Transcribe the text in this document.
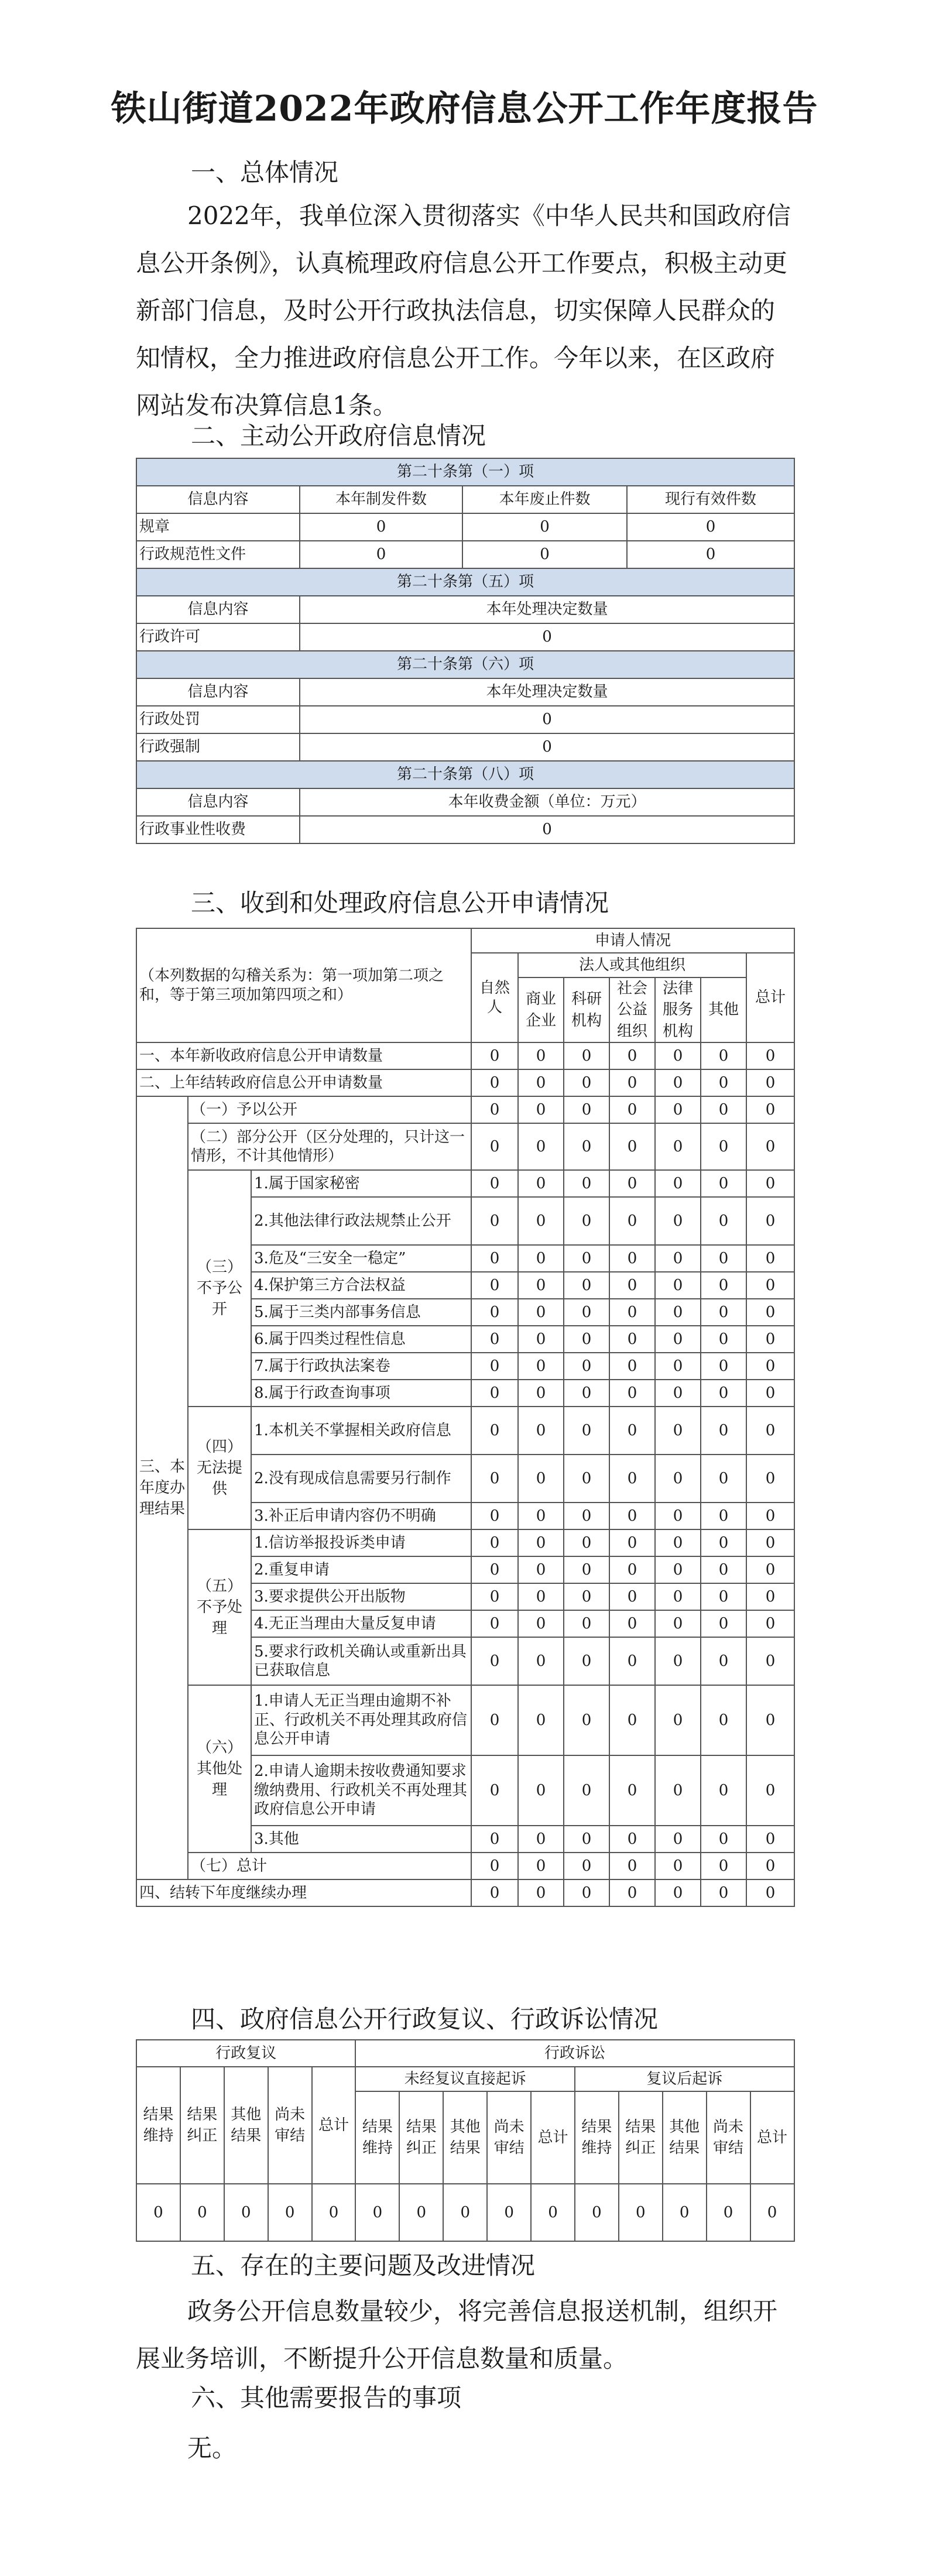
铁山街道2022年政府信息公开工作年度报告
一、总体情况
2022年，我单位深入贯彻落实《中华人民共和国政府信息公开条例》，认真梳理政府信息公开工作要点，积极主动更新部门信息，及时公开行政执法信息，切实保障人民群众的知情权，全力推进政府信息公开工作。今年以来，在区政府网站发布决算信息1条。
二、主动公开政府信息情况
第二十条第（一）项			
信息内容	本年制发件数	本年废止件数	现行有效件数
规章	0	0	0
行政规范性文件	0	0	0
第二十条第（五）项			
信息内容	本年处理决定数量		
行政许可	0		
第二十条第（六）项			
信息内容	本年处理决定数量		
行政处罚	0		
行政强制	0		
第二十条第（八）项			
信息内容	本年收费金额（单位：万元）		
行政事业性收费	0		
三、收到和处理政府信息公开申请情况
（本列数据的勾稽关系为：第一项加第二项之和，等于第三项加第四项之和）			申请人情况						
			自然人	法人或其他组织					总计
				商业企业	科研机构	社会公益组织	法律服务机构	其他	
一、本年新收政府信息公开申请数量			0	0	0	0	0	0	0
二、上年结转政府信息公开申请数量			0	0	0	0	0	0	0
三、本年度办理结果	（一）予以公开		0	0	0	0	0	0	0
	（二）部分公开（区分处理的，只计这一情形，不计其他情形）		0	0	0	0	0	0	0
	（三）不予公开	1.属于国家秘密	0	0	0	0	0	0	0
		2.其他法律行政法规禁止公开	0	0	0	0	0	0	0
		3.危及“三安全一稳定”	0	0	0	0	0	0	0
		4.保护第三方合法权益	0	0	0	0	0	0	0
		5.属于三类内部事务信息	0	0	0	0	0	0	0
		6.属于四类过程性信息	0	0	0	0	0	0	0
		7.属于行政执法案卷	0	0	0	0	0	0	0
		8.属于行政查询事项	0	0	0	0	0	0	0
	（四）无法提供	1.本机关不掌握相关政府信息	0	0	0	0	0	0	0
		2.没有现成信息需要另行制作	0	0	0	0	0	0	0
		3.补正后申请内容仍不明确	0	0	0	0	0	0	0
	（五）不予处理	1.信访举报投诉类申请	0	0	0	0	0	0	0
		2.重复申请	0	0	0	0	0	0	0
		3.要求提供公开出版物	0	0	0	0	0	0	0
		4.无正当理由大量反复申请	0	0	0	0	0	0	0
		5.要求行政机关确认或重新出具已获取信息	0	0	0	0	0	0	0
	（六）其他处理	1.申请人无正当理由逾期不补正、行政机关不再处理其政府信息公开申请	0	0	0	0	0	0	0
		2.申请人逾期未按收费通知要求缴纳费用、行政机关不再处理其政府信息公开申请	0	0	0	0	0	0	0
		3.其他	0	0	0	0	0	0	0
	（七）总计		0	0	0	0	0	0	0
四、结转下年度继续办理			0	0	0	0	0	0	0
四、政府信息公开行政复议、行政诉讼情况
行政复议					行政诉讼									
结果维持	结果纠正	其他结果	尚未审结	总计	未经复议直接起诉					复议后起诉				
					结果维持	结果纠正	其他结果	尚未审结	总计	结果维持	结果纠正	其他结果	尚未审结	总计
0	0	0	0	0	0	0	0	0	0	0	0	0	0	0
五、存在的主要问题及改进情况
政务公开信息数量较少，将完善信息报送机制，组织开展业务培训，不断提升公开信息数量和质量。
六、其他需要报告的事项
无。
